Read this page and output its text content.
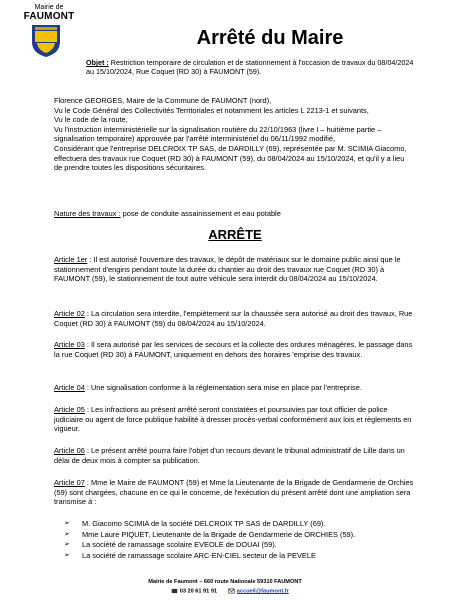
Mairie de
FAUMONT
Arrêté du Maire

Objet : Restriction temporaire de circulation et de stationnement à l'occasion de travaux du 08/04/2024 au 15/10/2024, Rue Coquet (RD 30) à FAUMONT (59).

Florence GEORGES, Maire de la Commune de FAUMONT (nord),
Vu le Code Général des Collectivités Territoriales et notamment les articles L 2213-1 et suivants,
Vu le code de la route,
Vu l'instruction interministérielle sur la signalisation routière du 22/10/1963 (livre I – huitième partie – signalisation temporaire) approuvée par l'arrêté interministériel du 06/11/1992 modifié,
Considérant que l'entreprise DELCROIX TP SAS, de DARDILLY (69), représentée par M. SCIMIA Giacomo, effectuera des travaux rue Coquet (RD 30) à FAUMONT (59), du 08/04/2024 au 15/10/2024, et qu'il y a lieu de prendre toutes les dispositions sécuritaires.

Nature des travaux : pose de conduite assainissement et eau potable

ARRÊTE

Article 1er : Il est autorisé l'ouverture des travaux, le dépôt de matériaux sur le domaine public ainsi que le stationnement d'engins pendant toute la durée du chantier au droit des travaux rue Coquet (RD 30) à FAUMONT (59), le stationnement de tout autre véhicule sera interdit du 08/04/2024 au 15/10/2024.

Article 02 : La circulation sera interdite, l'empiètement sur la chaussée sera autorisé au droit des travaux, Rue Coquet (RD 30) à FAUMONT (59) du 08/04/2024 au 15/10/2024.

Article 03 : Il sera autorisé par les services de secours et la collecte des ordures ménagères, le passage dans la rue Coquet (RD 30) à FAUMONT, uniquement en dehors des horaires 'emprise des travaux.

Article 04 : Une signalisation conforme à la réglementation sera mise en place par l'entreprise.

Article 05 : Les infractions au présent arrêté seront constatées et poursuivies par tout officier de police judiciaire ou agent de force publique habilité à dresser procès-verbal conformément aux lois et règlements en vigueur.

Article 06 : Le présent arrêté pourra faire l'objet d'un recours devant le tribunal administratif de Lille dans un délai de deux mois à compter sa publication.

Article 07 : Mme le Maire de FAUMONT (59) et Mme la Lieutenante de la Brigade de Gendarmerie de Orchies (59) sont chargées, chacune en ce qui le concerne, de l'exécution du présent arrêté dont une ampliation sera transmise à :

➢ M. Giacomo SCIMIA de la société DELCROIX TP SAS de DARDILLY (69).
➢ Mme Laure PIQUET, Lieutenante de la Brigade de Gendarmerie de ORCHIES (59).
➢ La société de ramassage scolaire EVEOLE de DOUAI (59).
➢ La société de ramassage scolaire ARC-EN-CIEL secteur de la PEVELE
Mairie de Faumont – 660 route Nationale 59310 FAUMONT
03 20 61 91 91	accueil@faumont.fr
